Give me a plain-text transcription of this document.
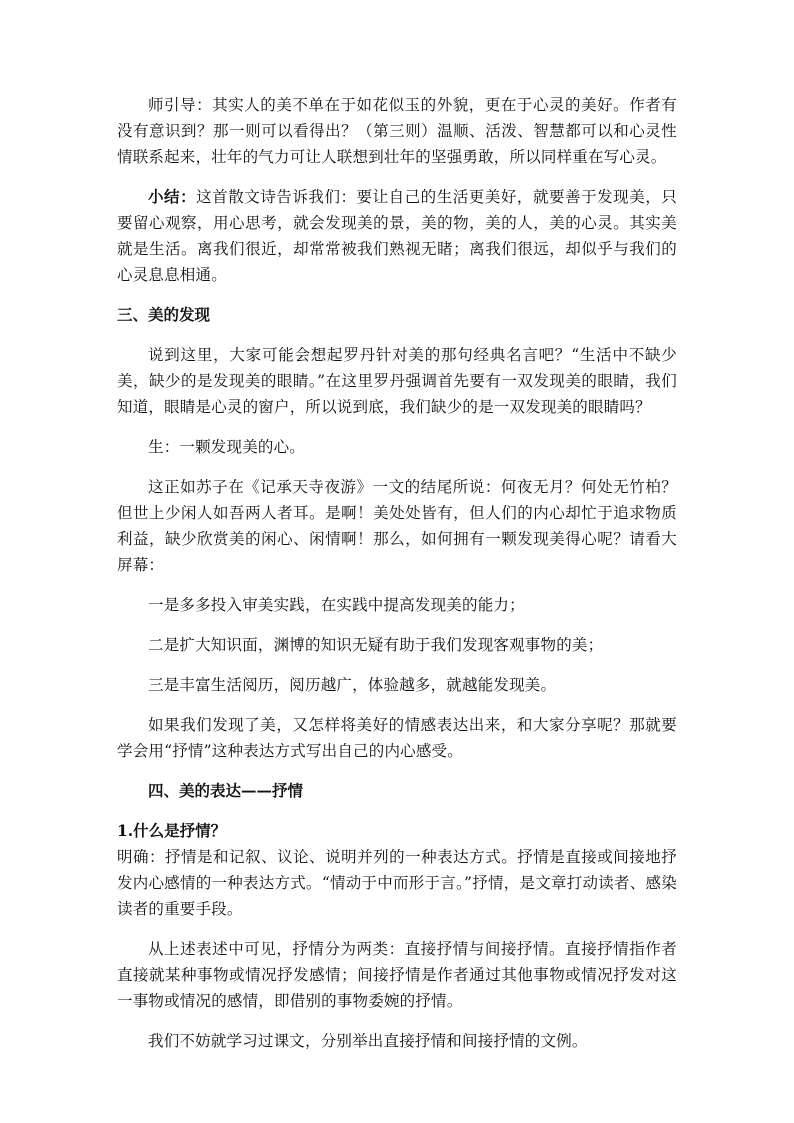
师引导：其实人的美不单在于如花似玉的外貌，更在于心灵的美好。作者有没有意识到？那一则可以看得出？（第三则）温顺、活泼、智慧都可以和心灵性情联系起来，壮年的气力可让人联想到壮年的坚强勇敢，所以同样重在写心灵。

小结：这首散文诗告诉我们：要让自己的生活更美好，就要善于发现美，只要留心观察，用心思考，就会发现美的景，美的物，美的人，美的心灵。其实美就是生活。离我们很近，却常常被我们熟视无睹；离我们很远，却似乎与我们的心灵息息相通。

三、美的发现

说到这里，大家可能会想起罗丹针对美的那句经典名言吧？“生活中不缺少美，缺少的是发现美的眼睛。”在这里罗丹强调首先要有一双发现美的眼睛，我们知道，眼睛是心灵的窗户，所以说到底，我们缺少的是一双发现美的眼睛吗？

生：一颗发现美的心。

这正如苏子在《记承天寺夜游》一文的结尾所说：何夜无月？何处无竹柏？但世上少闲人如吾两人者耳。是啊！美处处皆有，但人们的内心却忙于追求物质利益，缺少欣赏美的闲心、闲情啊！那么，如何拥有一颗发现美得心呢？请看大屏幕：

一是多多投入审美实践，在实践中提高发现美的能力；

二是扩大知识面，渊博的知识无疑有助于我们发现客观事物的美；

三是丰富生活阅历，阅历越广，体验越多，就越能发现美。

如果我们发现了美，又怎样将美好的情感表达出来，和大家分享呢？那就要学会用“抒情”这种表达方式写出自己的内心感受。

四、美的表达——抒情

1.什么是抒情？

明确：抒情是和记叙、议论、说明并列的一种表达方式。抒情是直接或间接地抒发内心感情的一种表达方式。“情动于中而形于言。”抒情，是文章打动读者、感染读者的重要手段。

从上述表述中可见，抒情分为两类：直接抒情与间接抒情。直接抒情指作者直接就某种事物或情况抒发感情；间接抒情是作者通过其他事物或情况抒发对这一事物或情况的感情，即借别的事物委婉的抒情。

我们不妨就学习过课文，分别举出直接抒情和间接抒情的文例。
